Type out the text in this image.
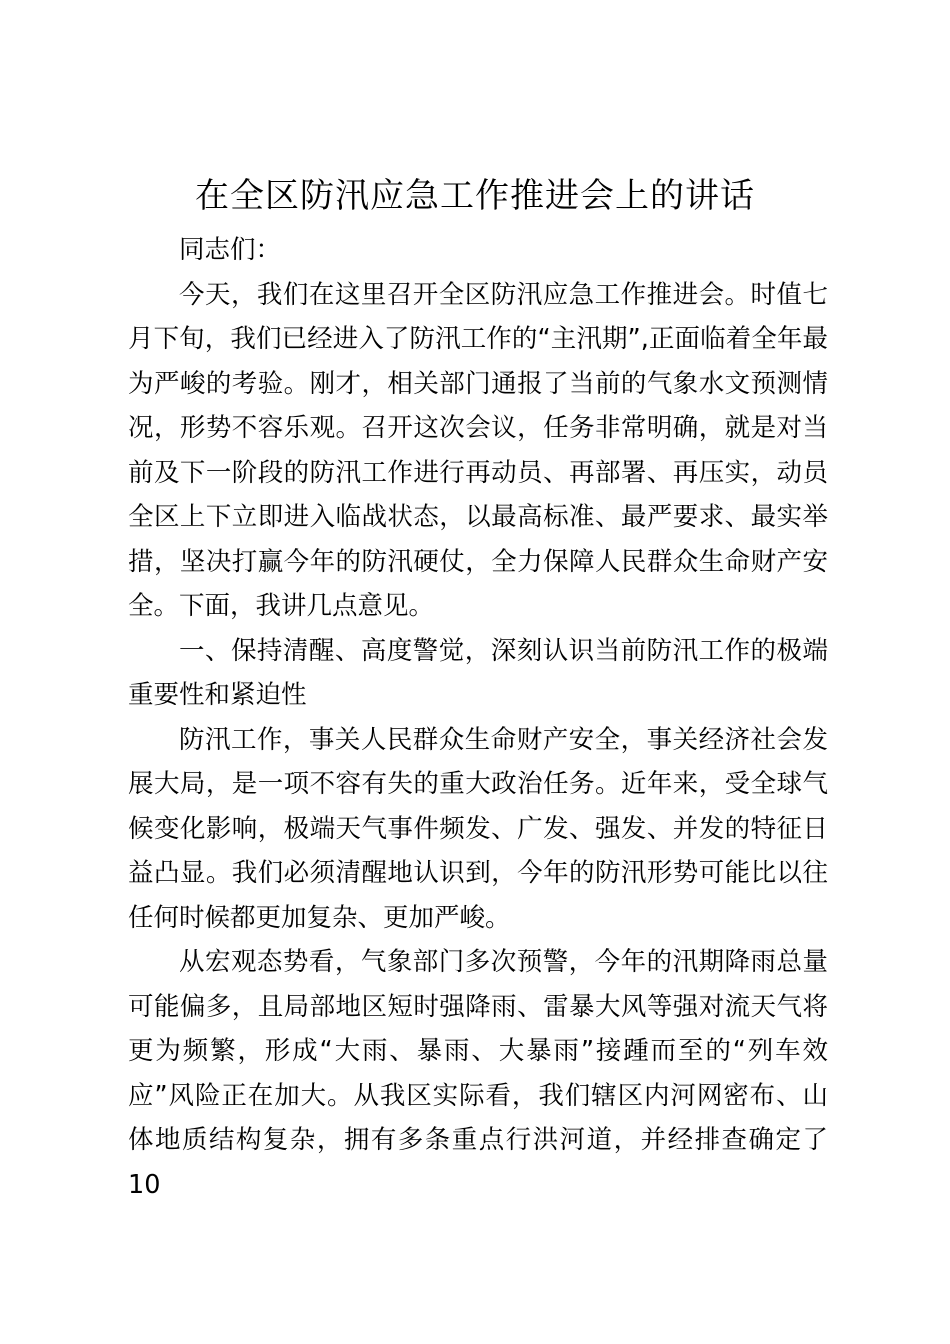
在全区防汛应急工作推进会上的讲话

同志们：

今天，我们在这里召开全区防汛应急工作推进会。时值七月下旬，我们已经进入了防汛工作的“主汛期”,正面临着全年最为严峻的考验。刚才，相关部门通报了当前的气象水文预测情况，形势不容乐观。召开这次会议，任务非常明确，就是对当前及下一阶段的防汛工作进行再动员、再部署、再压实，动员全区上下立即进入临战状态，以最高标准、最严要求、最实举措，坚决打赢今年的防汛硬仗，全力保障人民群众生命财产安全。下面，我讲几点意见。

一、保持清醒、高度警觉，深刻认识当前防汛工作的极端重要性和紧迫性

防汛工作，事关人民群众生命财产安全，事关经济社会发展大局，是一项不容有失的重大政治任务。近年来，受全球气候变化影响，极端天气事件频发、广发、强发、并发的特征日益凸显。我们必须清醒地认识到，今年的防汛形势可能比以往任何时候都更加复杂、更加严峻。

从宏观态势看，气象部门多次预警，今年的汛期降雨总量可能偏多，且局部地区短时强降雨、雷暴大风等强对流天气将更为频繁，形成“大雨、暴雨、大暴雨”接踵而至的“列车效应”风险正在加大。从我区实际看，我们辖区内河网密布、山体地质结构复杂，拥有多条重点行洪河道，并经排查确定了 10
